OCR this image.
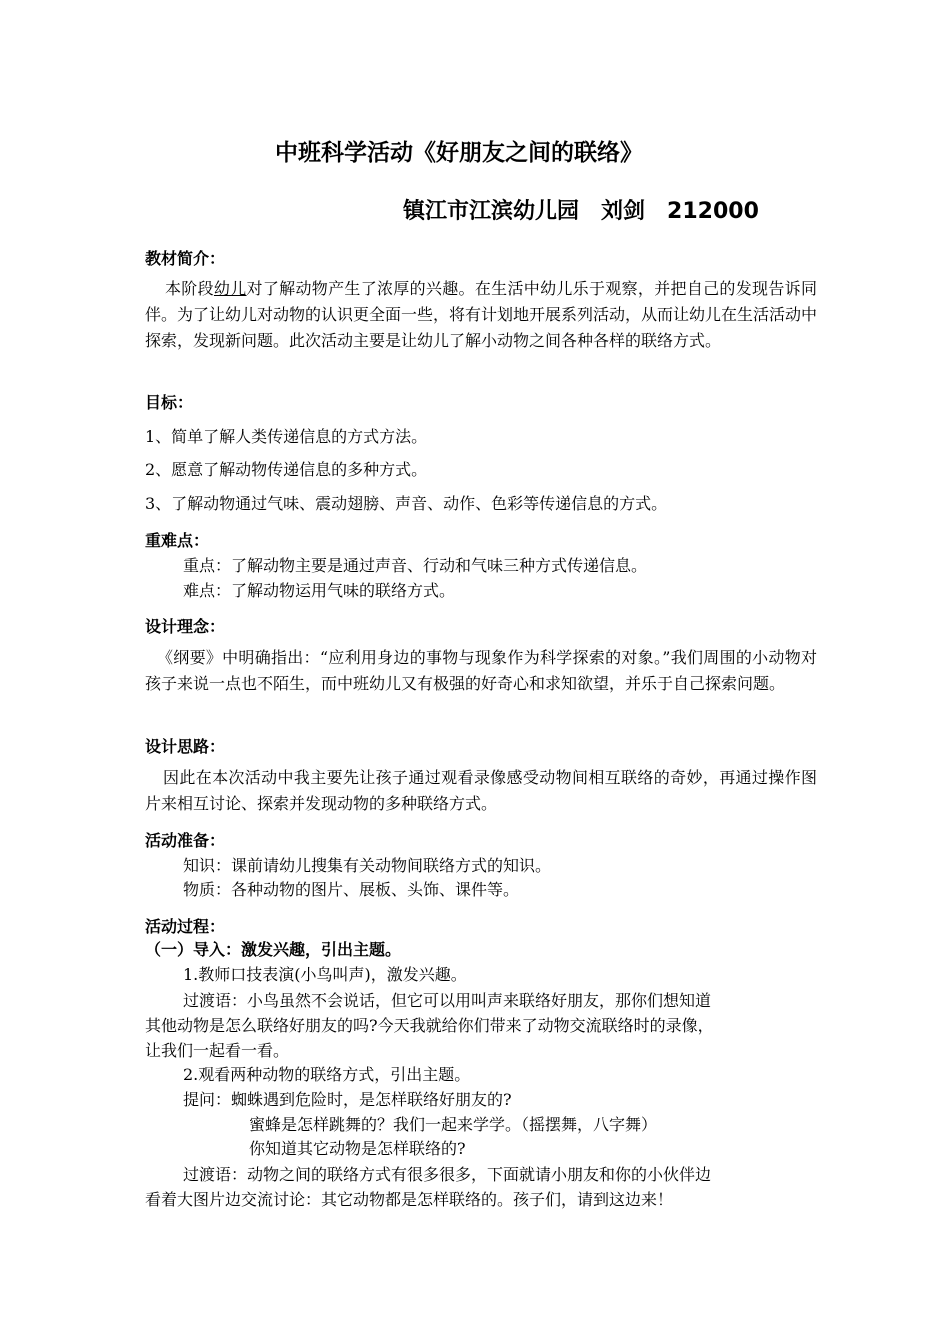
中班科学活动《好朋友之间的联络》
镇江市江滨幼儿园 刘剑 212000
教材简介：
本阶段幼儿对了解动物产生了浓厚的兴趣。在生活中幼儿乐于观察，并把自己的发现告诉同伴。为了让幼儿对动物的认识更全面一些，将有计划地开展系列活动，从而让幼儿在生活活动中探索，发现新问题。此次活动主要是让幼儿了解小动物之间各种各样的联络方式。
目标：
1、简单了解人类传递信息的方式方法。
2、愿意了解动物传递信息的多种方式。
3、了解动物通过气味、震动翅膀、声音、动作、色彩等传递信息的方式。
重难点：
重点：了解动物主要是通过声音、行动和气味三种方式传递信息。
难点：了解动物运用气味的联络方式。
设计理念：
《纲要》中明确指出：“应利用身边的事物与现象作为科学探索的对象。”我们周围的小动物对孩子来说一点也不陌生，而中班幼儿又有极强的好奇心和求知欲望，并乐于自己探索问题。
设计思路：
因此在本次活动中我主要先让孩子通过观看录像感受动物间相互联络的奇妙，再通过操作图片来相互讨论、探索并发现动物的多种联络方式。
活动准备：
知识：课前请幼儿搜集有关动物间联络方式的知识。
物质：各种动物的图片、展板、头饰、课件等。
活动过程：
（一）导入：激发兴趣，引出主题。
1.教师口技表演(小鸟叫声)，激发兴趣。
过渡语：小鸟虽然不会说话，但它可以用叫声来联络好朋友，那你们想知道
其他动物是怎么联络好朋友的吗?今天我就给你们带来了动物交流联络时的录像，
让我们一起看一看。
2.观看两种动物的联络方式，引出主题。
提问：蜘蛛遇到危险时，是怎样联络好朋友的?
蜜蜂是怎样跳舞的？我们一起来学学。（摇摆舞，八字舞）
你知道其它动物是怎样联络的?
过渡语：动物之间的联络方式有很多很多，下面就请小朋友和你的小伙伴边
看着大图片边交流讨论：其它动物都是怎样联络的。孩子们，请到这边来！
